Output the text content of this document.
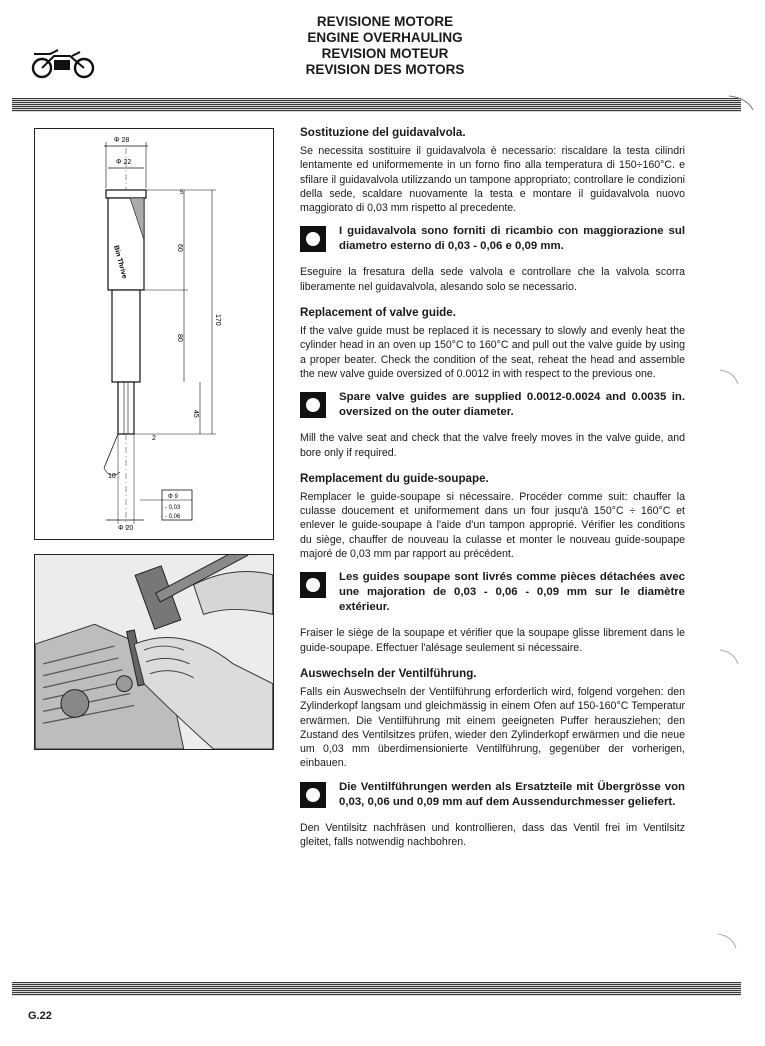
REVISIONE MOTORE
ENGINE OVERHAULING
REVISION MOTEUR
REVISION DES MOTORS
Φ 28
Φ 22
5
60
80
170
45
2
10
Φ 20
Φ 9
- 0,03
- 0,06
Bin Thrive
Sostituzione del guidavalvola.

Se necessita sostituire il guidavalvola è necessario: riscaldare la testa cilindri lentamente ed uniformemente in un forno fino alla temperatura di 150÷160°C. e sfilare il guidavalvola utilizzando un tampone appropriato; controllare le condizioni della sede, scaldare nuovamente la testa e montare il guidavalvola nuovo maggiorato di 0,03 mm rispetto al precedente.

I guidavalvola sono forniti di ricambio con maggiorazione sul diametro esterno di 0,03 - 0,06 e 0,09 mm.

Eseguire la fresatura della sede valvola e controllare che la valvola scorra liberamente nel guidavalvola, alesando solo se necessario.

Replacement of valve guide.

If the valve guide must be replaced it is necessary to slowly and evenly heat the cylinder head in an oven up 150°C to 160°C and pull out the valve guide by using a proper beater. Check the condition of the seat, reheat the head and assemble the new valve guide oversized of 0.0012 in with respect to the previous one.

Spare valve guides are supplied 0.0012-0.0024 and 0.0035 in. oversized on the outer diameter.

Mill the valve seat and check that the valve freely moves in the valve guide, and bore only if required.

Remplacement du guide-soupape.

Remplacer le guide-soupape si nécessaire. Procéder comme suit: chauffer la culasse doucement et uniformement dans un four jusqu'à 150°C ÷ 160°C et enlever le guide-soupape à l'aide d'un tampon approprié. Vérifier les conditions du siège, chauffer de nouveau la culasse et monter le nouveau guide-soupape majoré de 0,03 mm par rapport au précédent.

Les guides soupape sont livrés comme pièces détachées avec une majoration de 0,03 - 0,06 - 0,09 mm sur le diamètre extérieur.

Fraiser le siège de la soupape et vérifier que la soupape glisse librement dans le guide-soupape. Effectuer l'alésage seulement si nécessaire.

Auswechseln der Ventilführung.

Falls ein Auswechseln der Ventilführung erforderlich wird, folgend vorgehen: den Zylinderkopf langsam und gleichmässig in einem Ofen auf 150-160°C Temperatur erwärmen. Die Ventilführung mit einem geeigneten Puffer herausziehen; den Zustand des Ventilsitzes prüfen, wieder den Zylinderkopf erwärmen und die neue um 0,03 mm überdimensionierte Ventilführung, gegenüber der vorherigen, einbauen.

Die Ventilführungen werden als Ersatzteile mit Übergrösse von 0,03, 0,06 und 0,09 mm auf dem Aussendurchmesser geliefert.

Den Ventilsitz nachfräsen und kontrollieren, dass das Ventil frei im Ventilsitz gleitet, falls notwendig nachbohren.

G.22
